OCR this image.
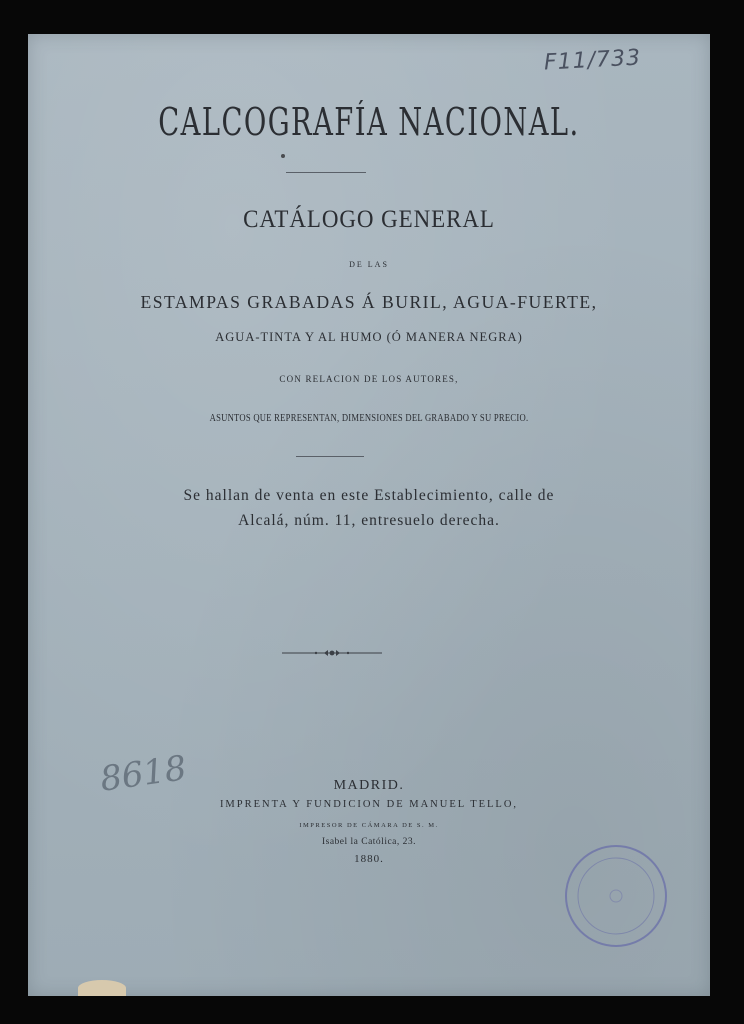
F11/733
CALCOGRAFÍA NACIONAL.
CATÁLOGO GENERAL
DE LAS
ESTAMPAS GRABADAS Á BURIL, AGUA-FUERTE,
AGUA-TINTA Y AL HUMO (Ó MANERA NEGRA)
CON RELACION DE LOS AUTORES,
ASUNTOS QUE REPRESENTAN, DIMENSIONES DEL GRABADO Y SU PRECIO.
Se hallan de venta en este Establecimiento, calle de
Alcalá, núm. 11, entresuelo derecha.
8618	MADRID.
IMPRENTA Y FUNDICION DE MANUEL TELLO,
IMPRESOR DE CÁMARA DE S. M.
Isabel la Católica, 23.
1880.
